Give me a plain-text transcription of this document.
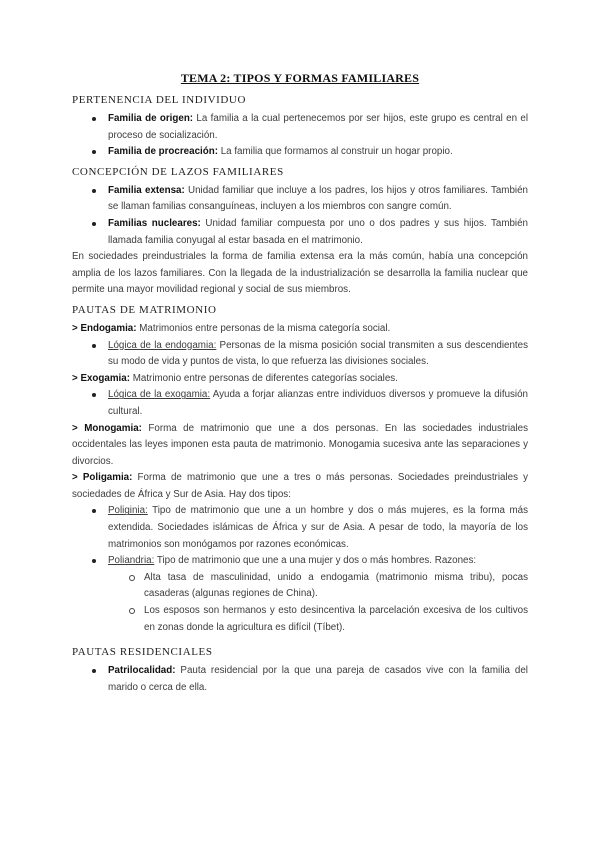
TEMA 2: TIPOS Y FORMAS FAMILIARES
PERTENENCIA DEL INDIVIDUO
Familia de origen: La familia a la cual pertenecemos por ser hijos, este grupo es central en el proceso de socialización.
Familia de procreación: La familia que formamos al construir un hogar propio.
CONCEPCIÓN DE LAZOS FAMILIARES
Familia extensa: Unidad familiar que incluye a los padres, los hijos y otros familiares. También se llaman familias consanguíneas, incluyen a los miembros con sangre común.
Familias nucleares: Unidad familiar compuesta por uno o dos padres y sus hijos. También llamada familia conyugal al estar basada en el matrimonio.

En sociedades preindustriales la forma de familia extensa era la más común, había una concepción amplia de los lazos familiares. Con la llegada de la industrialización se desarrolla la familia nuclear que permite una mayor movilidad regional y social de sus miembros.

PAUTAS DE MATRIMONIO

> Endogamia: Matrimonios entre personas de la misma categoría social.

Lógica de la endogamia: Personas de la misma posición social transmiten a sus descendientes su modo de vida y puntos de vista, lo que refuerza las divisiones sociales.

> Exogamia: Matrimonio entre personas de diferentes categorías sociales.

Lógica de la exogamia: Ayuda a forjar alianzas entre individuos diversos y promueve la difusión cultural.

> Monogamia: Forma de matrimonio que une a dos personas. En las sociedades industriales occidentales las leyes imponen esta pauta de matrimonio. Monogamia sucesiva ante las separaciones y divorcios.

> Poligamia: Forma de matrimonio que une a tres o más personas. Sociedades preindustriales y sociedades de África y Sur de Asia. Hay dos tipos:

Poliginia: Tipo de matrimonio que une a un hombre y dos o más mujeres, es la forma más extendida. Sociedades islámicas de África y sur de Asia. A pesar de todo, la mayoría de los matrimonios son monógamos por razones económicas.
Poliandria: Tipo de matrimonio que une a una mujer y dos o más hombres. Razones:
Alta tasa de masculinidad, unido a endogamia (matrimonio misma tribu), pocas casaderas (algunas regiones de China).
Los esposos son hermanos y esto desincentiva la parcelación excesiva de los cultivos en zonas donde la agricultura es difícil (Tíbet).
PAUTAS RESIDENCIALES
Patrilocalidad: Pauta residencial por la que una pareja de casados vive con la familia del marido o cerca de ella.
